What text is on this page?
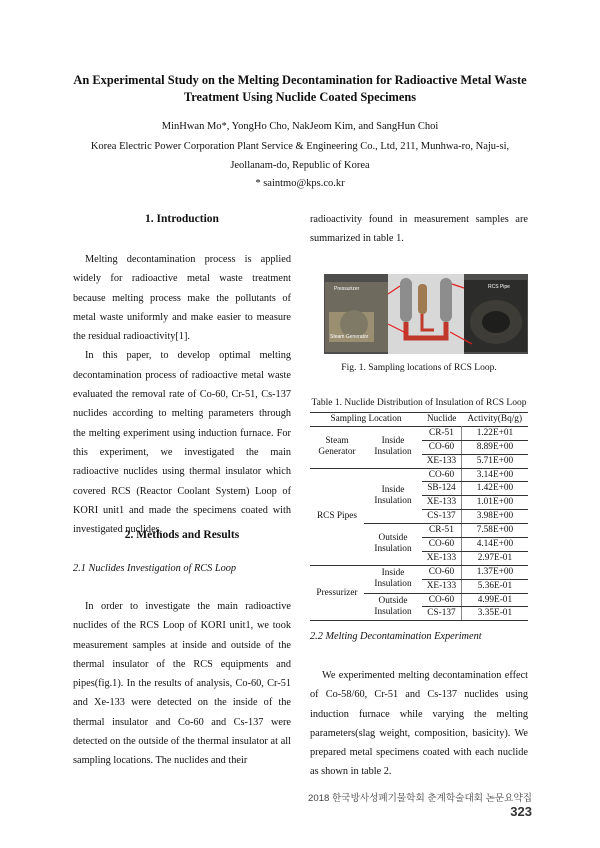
An Experimental Study on the Melting Decontamination for Radioactive Metal Waste Treatment Using Nuclide Coated Specimens
MinHwan Mo*, YongHo Cho, NakJeom Kim, and SangHun Choi
Korea Electric Power Corporation Plant Service & Engineering Co., Ltd, 211, Munhwa-ro, Naju-si,
Jeollanam-do, Republic of Korea
* saintmo@kps.co.kr
1. Introduction

Melting decontamination process is applied widely for radioactive metal waste treatment because melting process make the pollutants of metal waste uniformly and make easier to measure the residual radioactivity[1].

In this paper, to develop optimal melting decontamination process of radioactive metal waste evaluated the removal rate of Co-60, Cr-51, Cs-137 nuclides according to melting parameters through the melting experiment using induction furnace. For this experiment, we investigated the main radioactive nuclides using thermal insulator which covered RCS (Reactor Coolant System) Loop of KORI unit1 and made the specimens coated with investigated nuclides.

2. Methods and Results
2.1 Nuclides Investigation of RCS Loop

In order to investigate the main radioactive nuclides of the RCS Loop of KORI unit1, we took measurement samples at inside and outside of the thermal insulator of the RCS equipments and pipes(fig.1). In the results of analysis, Co-60, Cr-51 and Xe-133 were detected on the inside of the thermal insulator and Co-60 and Cs-137 were detected on the outside of the thermal insulator at all sampling locations. The nuclides and their

radioactivity found in measurement samples are summarized in table 1.

RCS Pipe
Steam Generator
Pressurizer
Fig. 1. Sampling locations of RCS Loop.
Table 1. Nuclide Distribution of Insulation of RCS Loop
Sampling Location		Nuclide	Activity(Bq/g)
Steam Generator	Inside Insulation	CR-51	1.22E+01
		CO-60	8.89E+00
		XE-133	5.71E+00
RCS Pipes	Inside Insulation	CO-60	3.14E+00
		SB-124	1.42E+00
		XE-133	1.01E+00
		CS-137	3.98E+00
	Outside Insulation	CR-51	7.58E+00
		CO-60	4.14E+00
		XE-133	2.97E-01
Pressurizer	Inside Insulation	CO-60	1.37E+00
		XE-133	5.36E-01
	Outside Insulation	CO-60	4.99E-01
		CS-137	3.35E-01
2.2 Melting Decontamination Experiment

We experimented melting decontamination effect of Co-58/60, Cr-51 and Cs-137 nuclides using induction furnace while varying the melting parameters(slag weight, composition, basicity). We prepared metal specimens coated with each nuclide as shown in table 2.

2018 한국방사성폐기물학회 춘계학술대회 논문요약집 323
